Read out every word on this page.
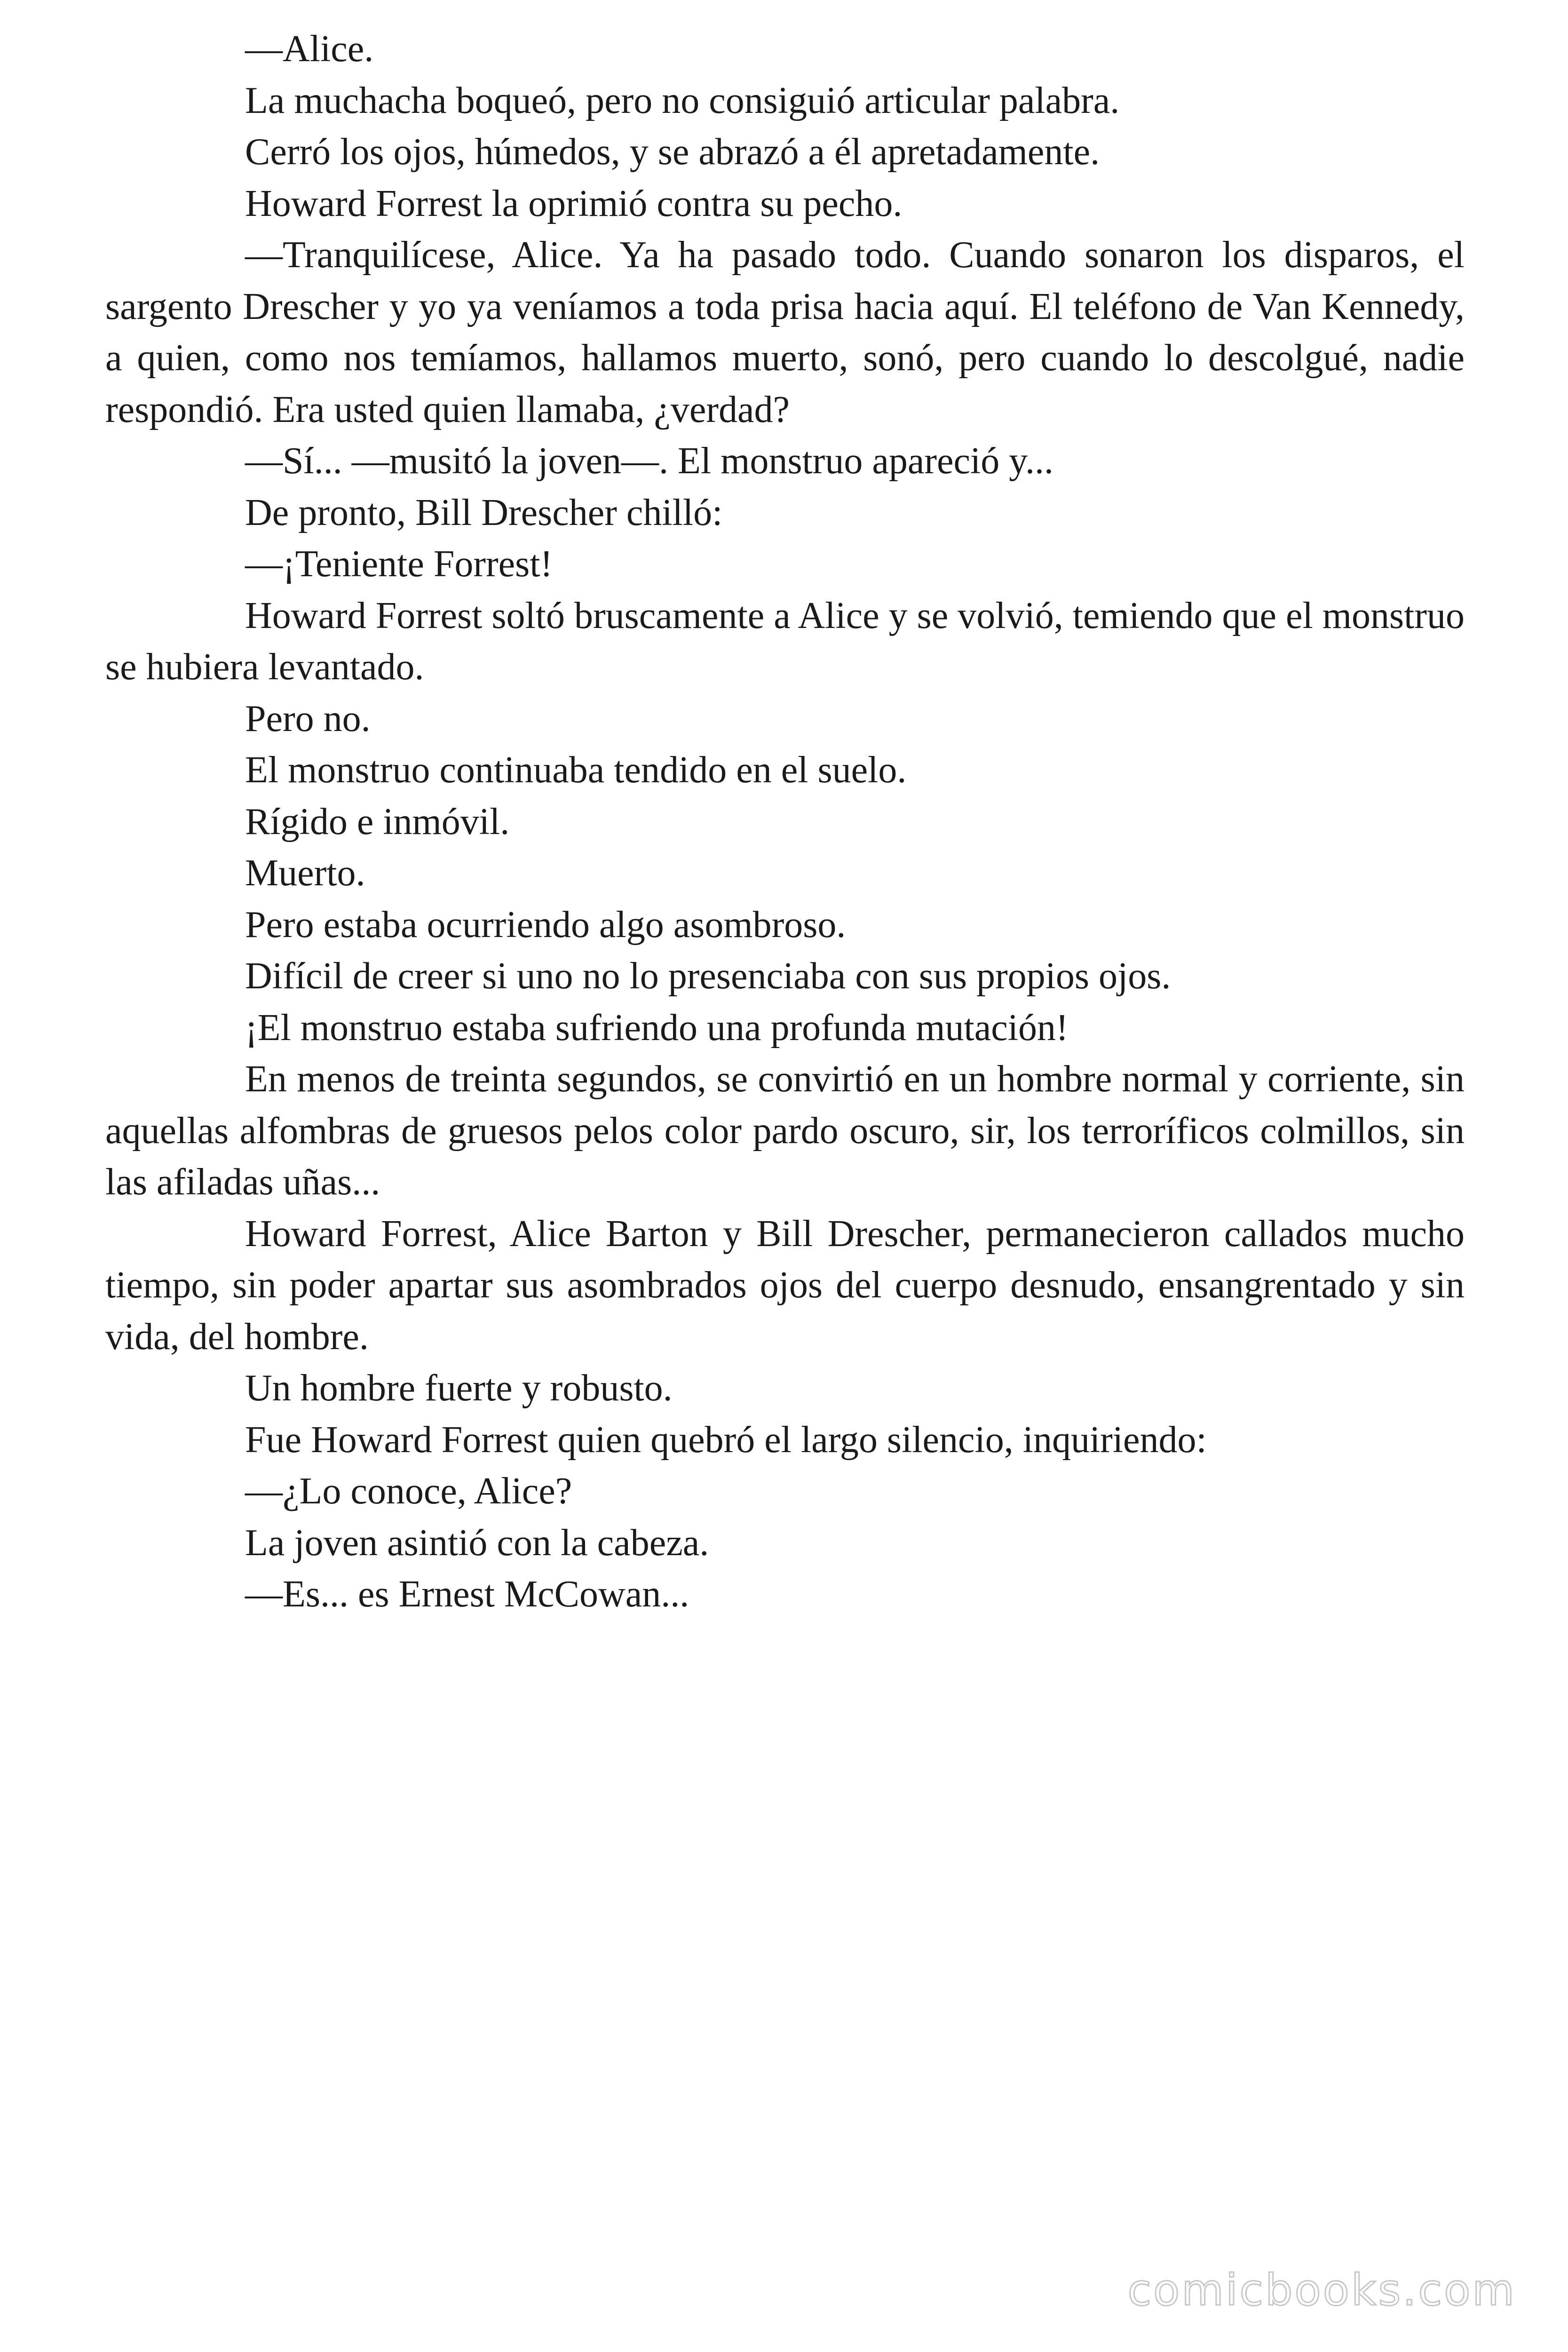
—Alice.

La muchacha boqueó, pero no consiguió articular palabra.

Cerró los ojos, húmedos, y se abrazó a él apretadamente.

Howard Forrest la oprimió contra su pecho.

—Tranquilícese, Alice. Ya ha pasado todo. Cuando sonaron los disparos, el sargento Drescher y yo ya veníamos a toda prisa hacia aquí. El teléfono de Van Kennedy, a quien, como nos temíamos, hallamos muerto, sonó, pero cuando lo descolgué, nadie respondió. Era usted quien llamaba, ¿verdad?

—Sí... —musitó la joven—. El monstruo apareció y...

De pronto, Bill Drescher chilló:

—¡Teniente Forrest!

Howard Forrest soltó bruscamente a Alice y se volvió, temiendo que el monstruo se hubiera levantado.

Pero no.

El monstruo continuaba tendido en el suelo.

Rígido e inmóvil.

Muerto.

Pero estaba ocurriendo algo asombroso.

Difícil de creer si uno no lo presenciaba con sus propios ojos.

¡El monstruo estaba sufriendo una profunda mutación!

En menos de treinta segundos, se convirtió en un hombre normal y corriente, sin aquellas alfombras de gruesos pelos color pardo oscuro, sir, los terroríficos colmillos, sin las afiladas uñas...

Howard Forrest, Alice Barton y Bill Drescher, permanecieron callados mucho tiempo, sin poder apartar sus asombrados ojos del cuerpo desnudo, ensangrentado y sin vida, del hombre.

Un hombre fuerte y robusto.

Fue Howard Forrest quien quebró el largo silencio, inquiriendo:

—¿Lo conoce, Alice?

La joven asintió con la cabeza.

—Es... es Ernest McCowan...

comicbooks.com
